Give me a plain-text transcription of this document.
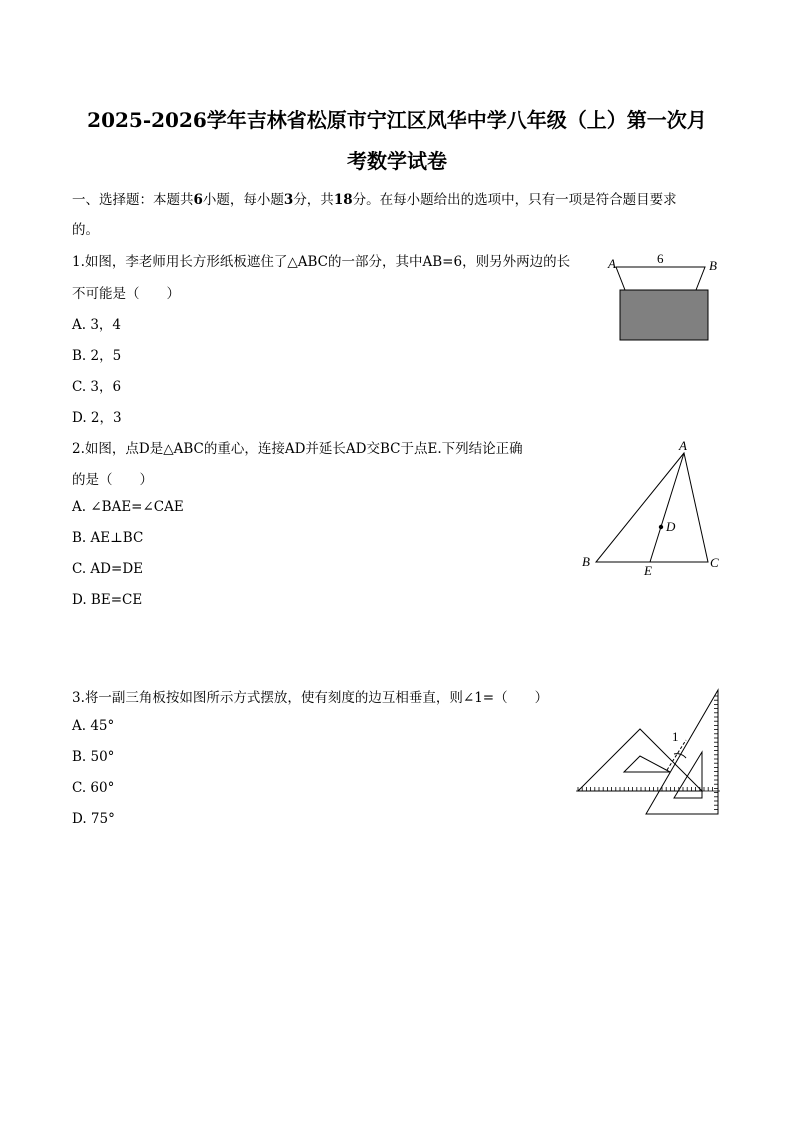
2025-2026学年吉林省松原市宁江区风华中学八年级（上）第一次月
考数学试卷
一、选择题：本题共6小题，每小题3分，共18分。在每小题给出的选项中，只有一项是符合题目要求
的。
1.如图，李老师用长方形纸板遮住了△ABC的一部分，其中AB=6，则另外两边的长
不可能是（　　）
A. 3，4
B. 2，5
C. 3，6
D. 2，3
A	6	B
2.如图，点D是△ABC的重心，连接AD并延长AD交BC于点E.下列结论正确
的是（　　）
A. ∠BAE=∠CAE
B. AE⊥BC
C. AD=DE
D. BE=CE
A
D
B
E
C
3.将一副三角板按如图所示方式摆放，使有刻度的边互相垂直，则∠1=（　　）
A. 45°
B. 50°
C. 60°
D. 75°
1
